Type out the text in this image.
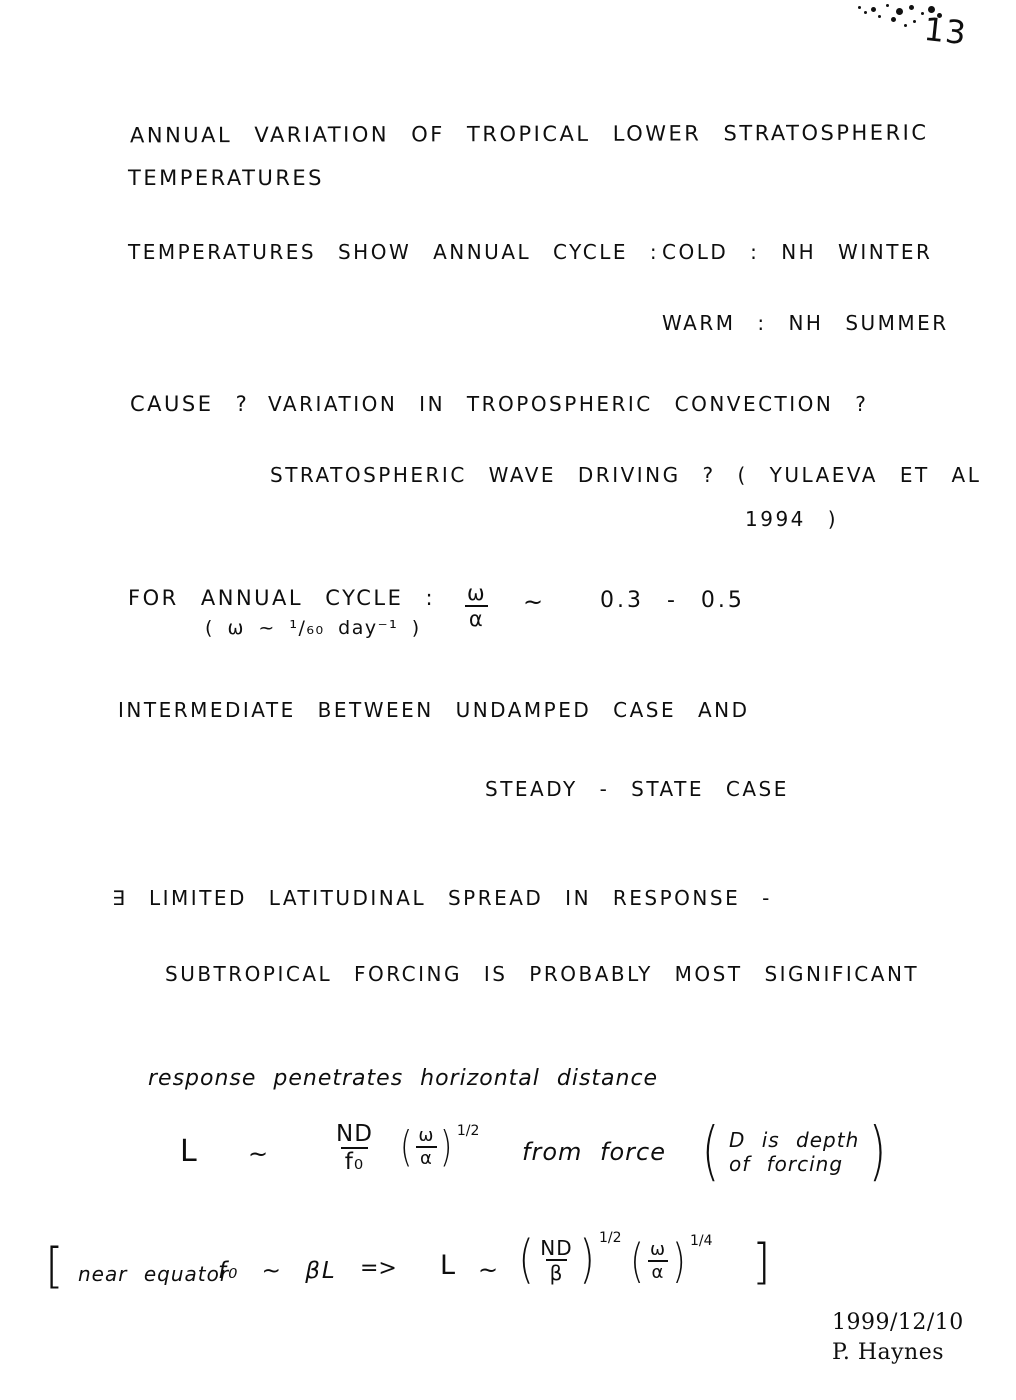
13
ANNUAL VARIATION OF TROPICAL LOWER STRATOSPHERIC
TEMPERATURES
TEMPERATURES SHOW ANNUAL CYCLE : COLD : NH WINTER
WARM : NH SUMMER
CAUSE ? VARIATION IN TROPOSPHERIC CONVECTION ?
STRATOSPHERIC WAVE DRIVING ? ( YULAEVA ET AL
1994 )
FOR ANNUAL CYCLE :
( ω ~ ¹/₆₀ day⁻¹ ) $\frac{\omega}{\alpha}$ ~ 0.3 - 0.5
INTERMEDIATE BETWEEN UNDAMPED CASE AND
STEADY - STATE CASE
∃ LIMITED LATITUDINAL SPREAD IN RESPONSE -
SUBTROPICAL FORCING IS PROBABLY MOST SIGNIFICANT
response penetrates horizontal distance
L ~	$\frac{ND}{\text{f₀}}$ ( $\frac{\omega}{\alpha}$ ) 1/2
from force ( D is depth
of forcing )
[ near equator
f₀ ~ βL => L ~ ( $\frac{ND}{\beta}$ ) 1/2 ( $\frac{\omega}{\alpha}$ ) 1/4 ]
1999/12/10
P. Haynes
